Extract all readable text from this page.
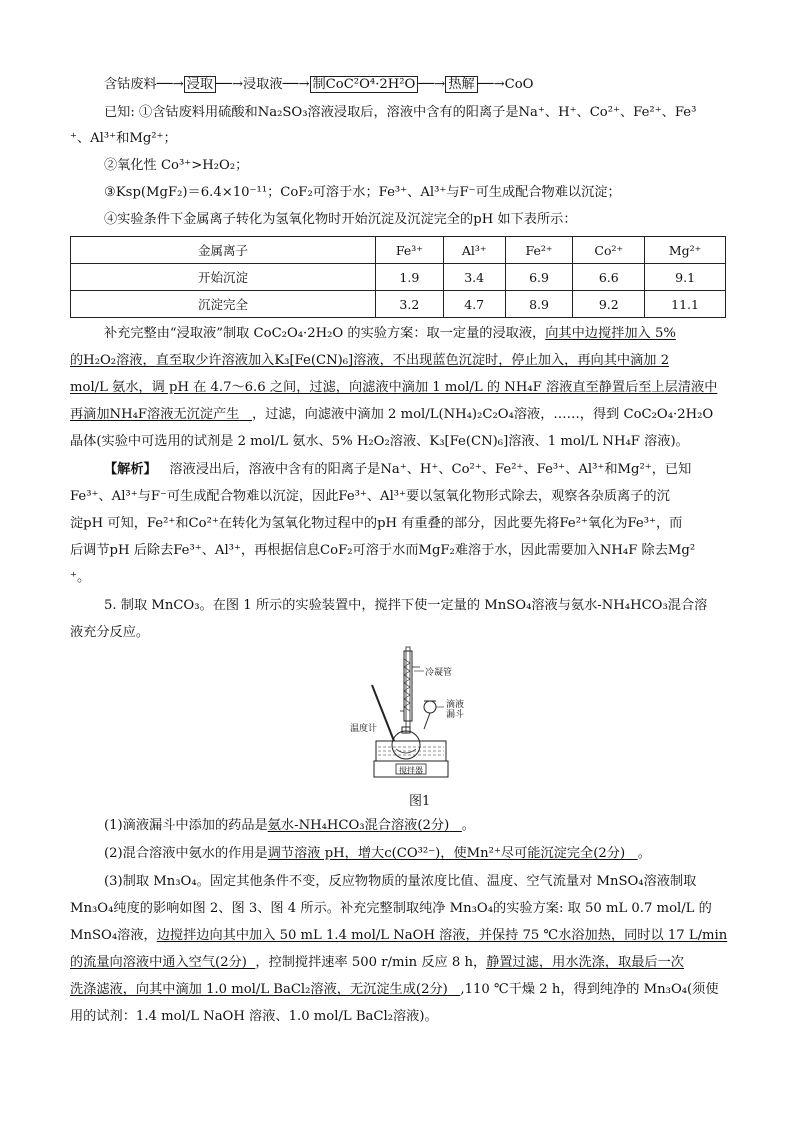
含钴废料──→ 浸取 ──→浸取液──→ 制CoC²O⁴·2H²O ──→ 热解 ──→CoO
已知: ①含钴废料用硫酸和Na₂SO₃溶液浸取后，溶液中含有的阳离子是Na⁺、H⁺、Co²⁺、Fe²⁺、Fe³
⁺、Al³⁺和Mg²⁺；
②氧化性 Co³⁺>H₂O₂；
③Ksp(MgF₂)＝6.4×10⁻¹¹；CoF₂可溶于水；Fe³⁺、Al³⁺与F⁻可生成配合物难以沉淀；
④实验条件下金属离子转化为氢氧化物时开始沉淀及沉淀完全的pH 如下表所示：
金属离子	Fe³⁺	Al³⁺	Fe²⁺	Co²⁺	Mg²⁺
开始沉淀	1.9	3.4	6.9	6.6	9.1
沉淀完全	3.2	4.7	8.9	9.2	11.1
补充完整由“浸取液”制取 CoC₂O₄·2H₂O 的实验方案：取一定量的浸取液，向其中边搅拌加入 5%
的H₂O₂溶液，直至取少许溶液加入K₃[Fe(CN)₆]溶液，不出现蓝色沉淀时，停止加入，再向其中滴加 2
mol/L 氨水，调 pH 在 4.7～6.6 之间，过滤，向滤液中滴加 1 mol/L 的 NH₄F 溶液直至静置后至上层清液中
再滴加NH₄F溶液无沉淀产生 ，过滤，向滤液中滴加 2 mol/L(NH₄)₂C₂O₄溶液，……，得到 CoC₂O₄·2H₂O
晶体(实验中可选用的试剂是 2 mol/L 氨水、5% H₂O₂溶液、K₃[Fe(CN)₆]溶液、1 mol/L NH₄F 溶液)。
【解析】 溶液浸出后，溶液中含有的阳离子是Na⁺、H⁺、Co²⁺、Fe²⁺、Fe³⁺、Al³⁺和Mg²⁺，已知
Fe³⁺、Al³⁺与F⁻可生成配合物难以沉淀，因此Fe³⁺、Al³⁺要以氢氧化物形式除去，观察各杂质离子的沉
淀pH 可知，Fe²⁺和Co²⁺在转化为氢氧化物过程中的pH 有重叠的部分，因此要先将Fe²⁺氧化为Fe³⁺，而
后调节pH 后除去Fe³⁺、Al³⁺，再根据信息CoF₂可溶于水而MgF₂难溶于水，因此需要加入NH₄F 除去Mg²
⁺。
5. 制取 MnCO₃。在图 1 所示的实验装置中，搅拌下使一定量的 MnSO₄溶液与氨水-NH₄HCO₃混合溶
液充分反应。
冷凝管
滴液
漏斗
温度计
搅拌器
图1
(1)滴液漏斗中添加的药品是氨水-NH₄HCO₃混合溶液(2分) 。
(2)混合溶液中氨水的作用是调节溶液 pH，增大c(CO³²⁻)，使Mn²⁺尽可能沉淀完全(2分) 。
(3)制取 Mn₃O₄。固定其他条件不变，反应物物质的量浓度比值、温度、空气流量对 MnSO₄溶液制取
Mn₃O₄纯度的影响如图 2、图 3、图 4 所示。补充完整制取纯净 Mn₃O₄的实验方案: 取 50 mL 0.7 mol/L 的
MnSO₄溶液，边搅拌边向其中加入 50 mL 1.4 mol/L NaOH 溶液，并保持 75 ℃水浴加热，同时以 17 L/min
的流量向溶液中通入空气(2分) ，控制搅拌速率 500 r/min 反应 8 h，静置过滤，用水洗涤，取最后一次
洗涤滤液，向其中滴加 1.0 mol/L BaCl₂溶液，无沉淀生成(2分) ,110 ℃干燥 2 h，得到纯净的 Mn₃O₄(须使
用的试剂：1.4 mol/L NaOH 溶液、1.0 mol/L BaCl₂溶液)。
